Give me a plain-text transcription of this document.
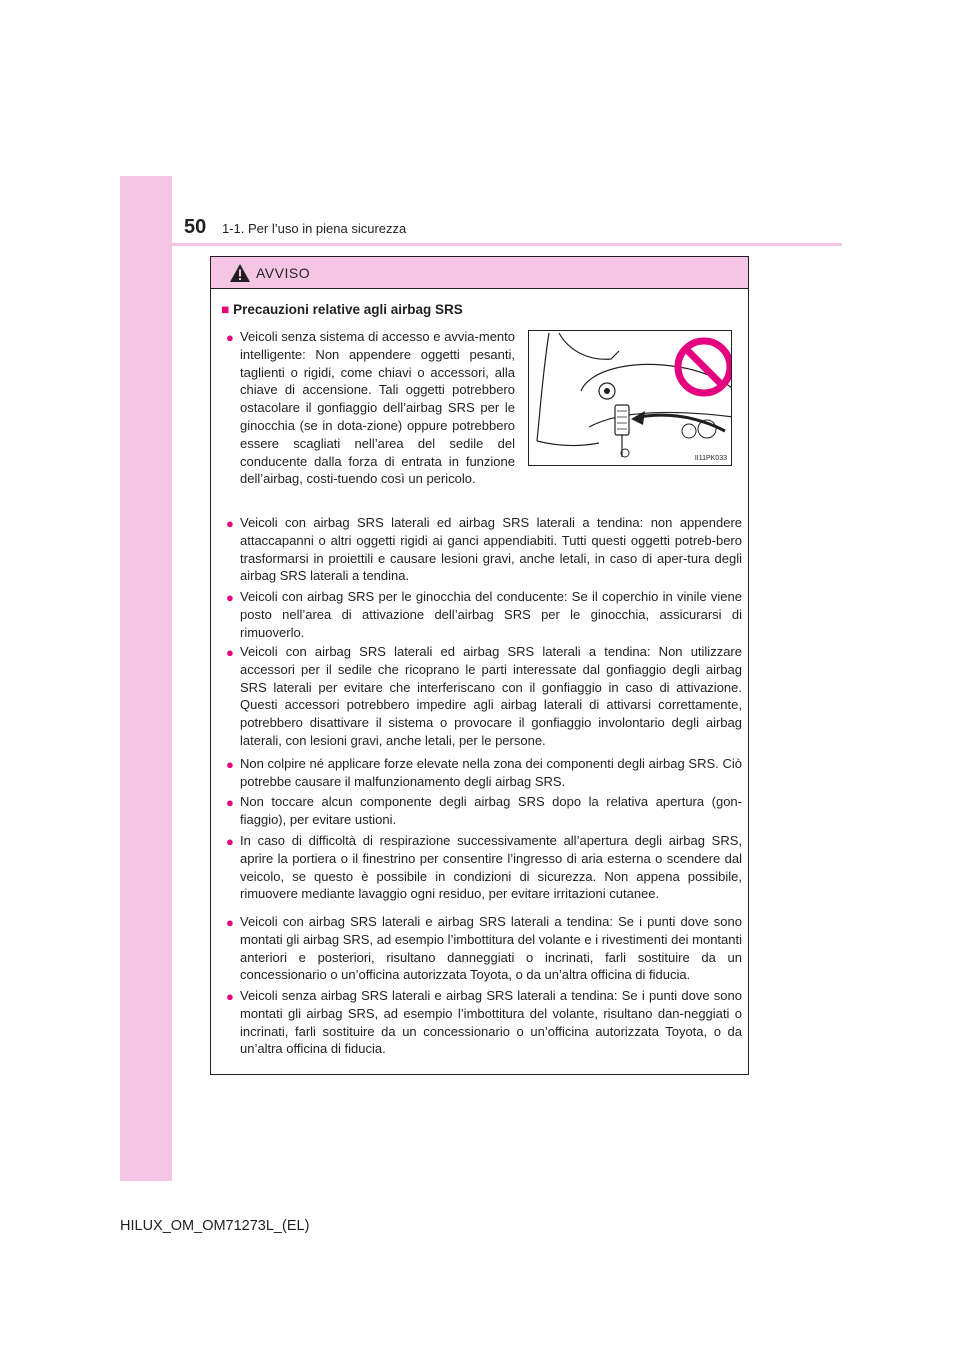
50 1-1. Per l’uso in piena sicurezza
AVVISO
■ Precauzioni relative agli airbag SRS
● Veicoli senza sistema di accesso e avvia-mento intelligente: Non appendere oggetti pesanti, taglienti o rigidi, come chiavi o accessori, alla chiave di accensione. Tali oggetti potrebbero ostacolare il gonfiaggio dell’airbag SRS per le ginocchia (se in dota-zione) oppure potrebbero essere scagliati nell’area del sedile del conducente dalla forza di entrata in funzione dell’airbag, costi-tuendo così un pericolo.
II11PK033
● Veicoli con airbag SRS laterali ed airbag SRS laterali a tendina: non appendere attaccapanni o altri oggetti rigidi ai ganci appendiabiti. Tutti questi oggetti potreb-bero trasformarsi in proiettili e causare lesioni gravi, anche letali, in caso di aper-tura degli airbag SRS laterali a tendina.
● Veicoli con airbag SRS per le ginocchia del conducente: Se il coperchio in vinile viene posto nell’area di attivazione dell’airbag SRS per le ginocchia, assicurarsi di rimuoverlo.
● Veicoli con airbag SRS laterali ed airbag SRS laterali a tendina: Non utilizzare accessori per il sedile che ricoprano le parti interessate dal gonfiaggio degli airbag SRS laterali per evitare che interferiscano con il gonfiaggio in caso di attivazione. Questi accessori potrebbero impedire agli airbag laterali di attivarsi correttamente, potrebbero disattivare il sistema o provocare il gonfiaggio involontario degli airbag laterali, con lesioni gravi, anche letali, per le persone.
● Non colpire né applicare forze elevate nella zona dei componenti degli airbag SRS. Ciò potrebbe causare il malfunzionamento degli airbag SRS.
● Non toccare alcun componente degli airbag SRS dopo la relativa apertura (gon-fiaggio), per evitare ustioni.
● In caso di difficoltà di respirazione successivamente all’apertura degli airbag SRS, aprire la portiera o il finestrino per consentire l’ingresso di aria esterna o scendere dal veicolo, se questo è possibile in condizioni di sicurezza. Non appena possibile, rimuovere mediante lavaggio ogni residuo, per evitare irritazioni cutanee.
● Veicoli con airbag SRS laterali e airbag SRS laterali a tendina: Se i punti dove sono montati gli airbag SRS, ad esempio l’imbottitura del volante e i rivestimenti dei montanti anteriori e posteriori, risultano danneggiati o incrinati, farli sostituire da un concessionario o un’officina autorizzata Toyota, o da un’altra officina di fiducia.
● Veicoli senza airbag SRS laterali e airbag SRS laterali a tendina: Se i punti dove sono montati gli airbag SRS, ad esempio l’imbottitura del volante, risultano dan-neggiati o incrinati, farli sostituire da un concessionario o un’officina autorizzata Toyota, o da un’altra officina di fiducia.
HILUX_OM_OM71273L_(EL)
